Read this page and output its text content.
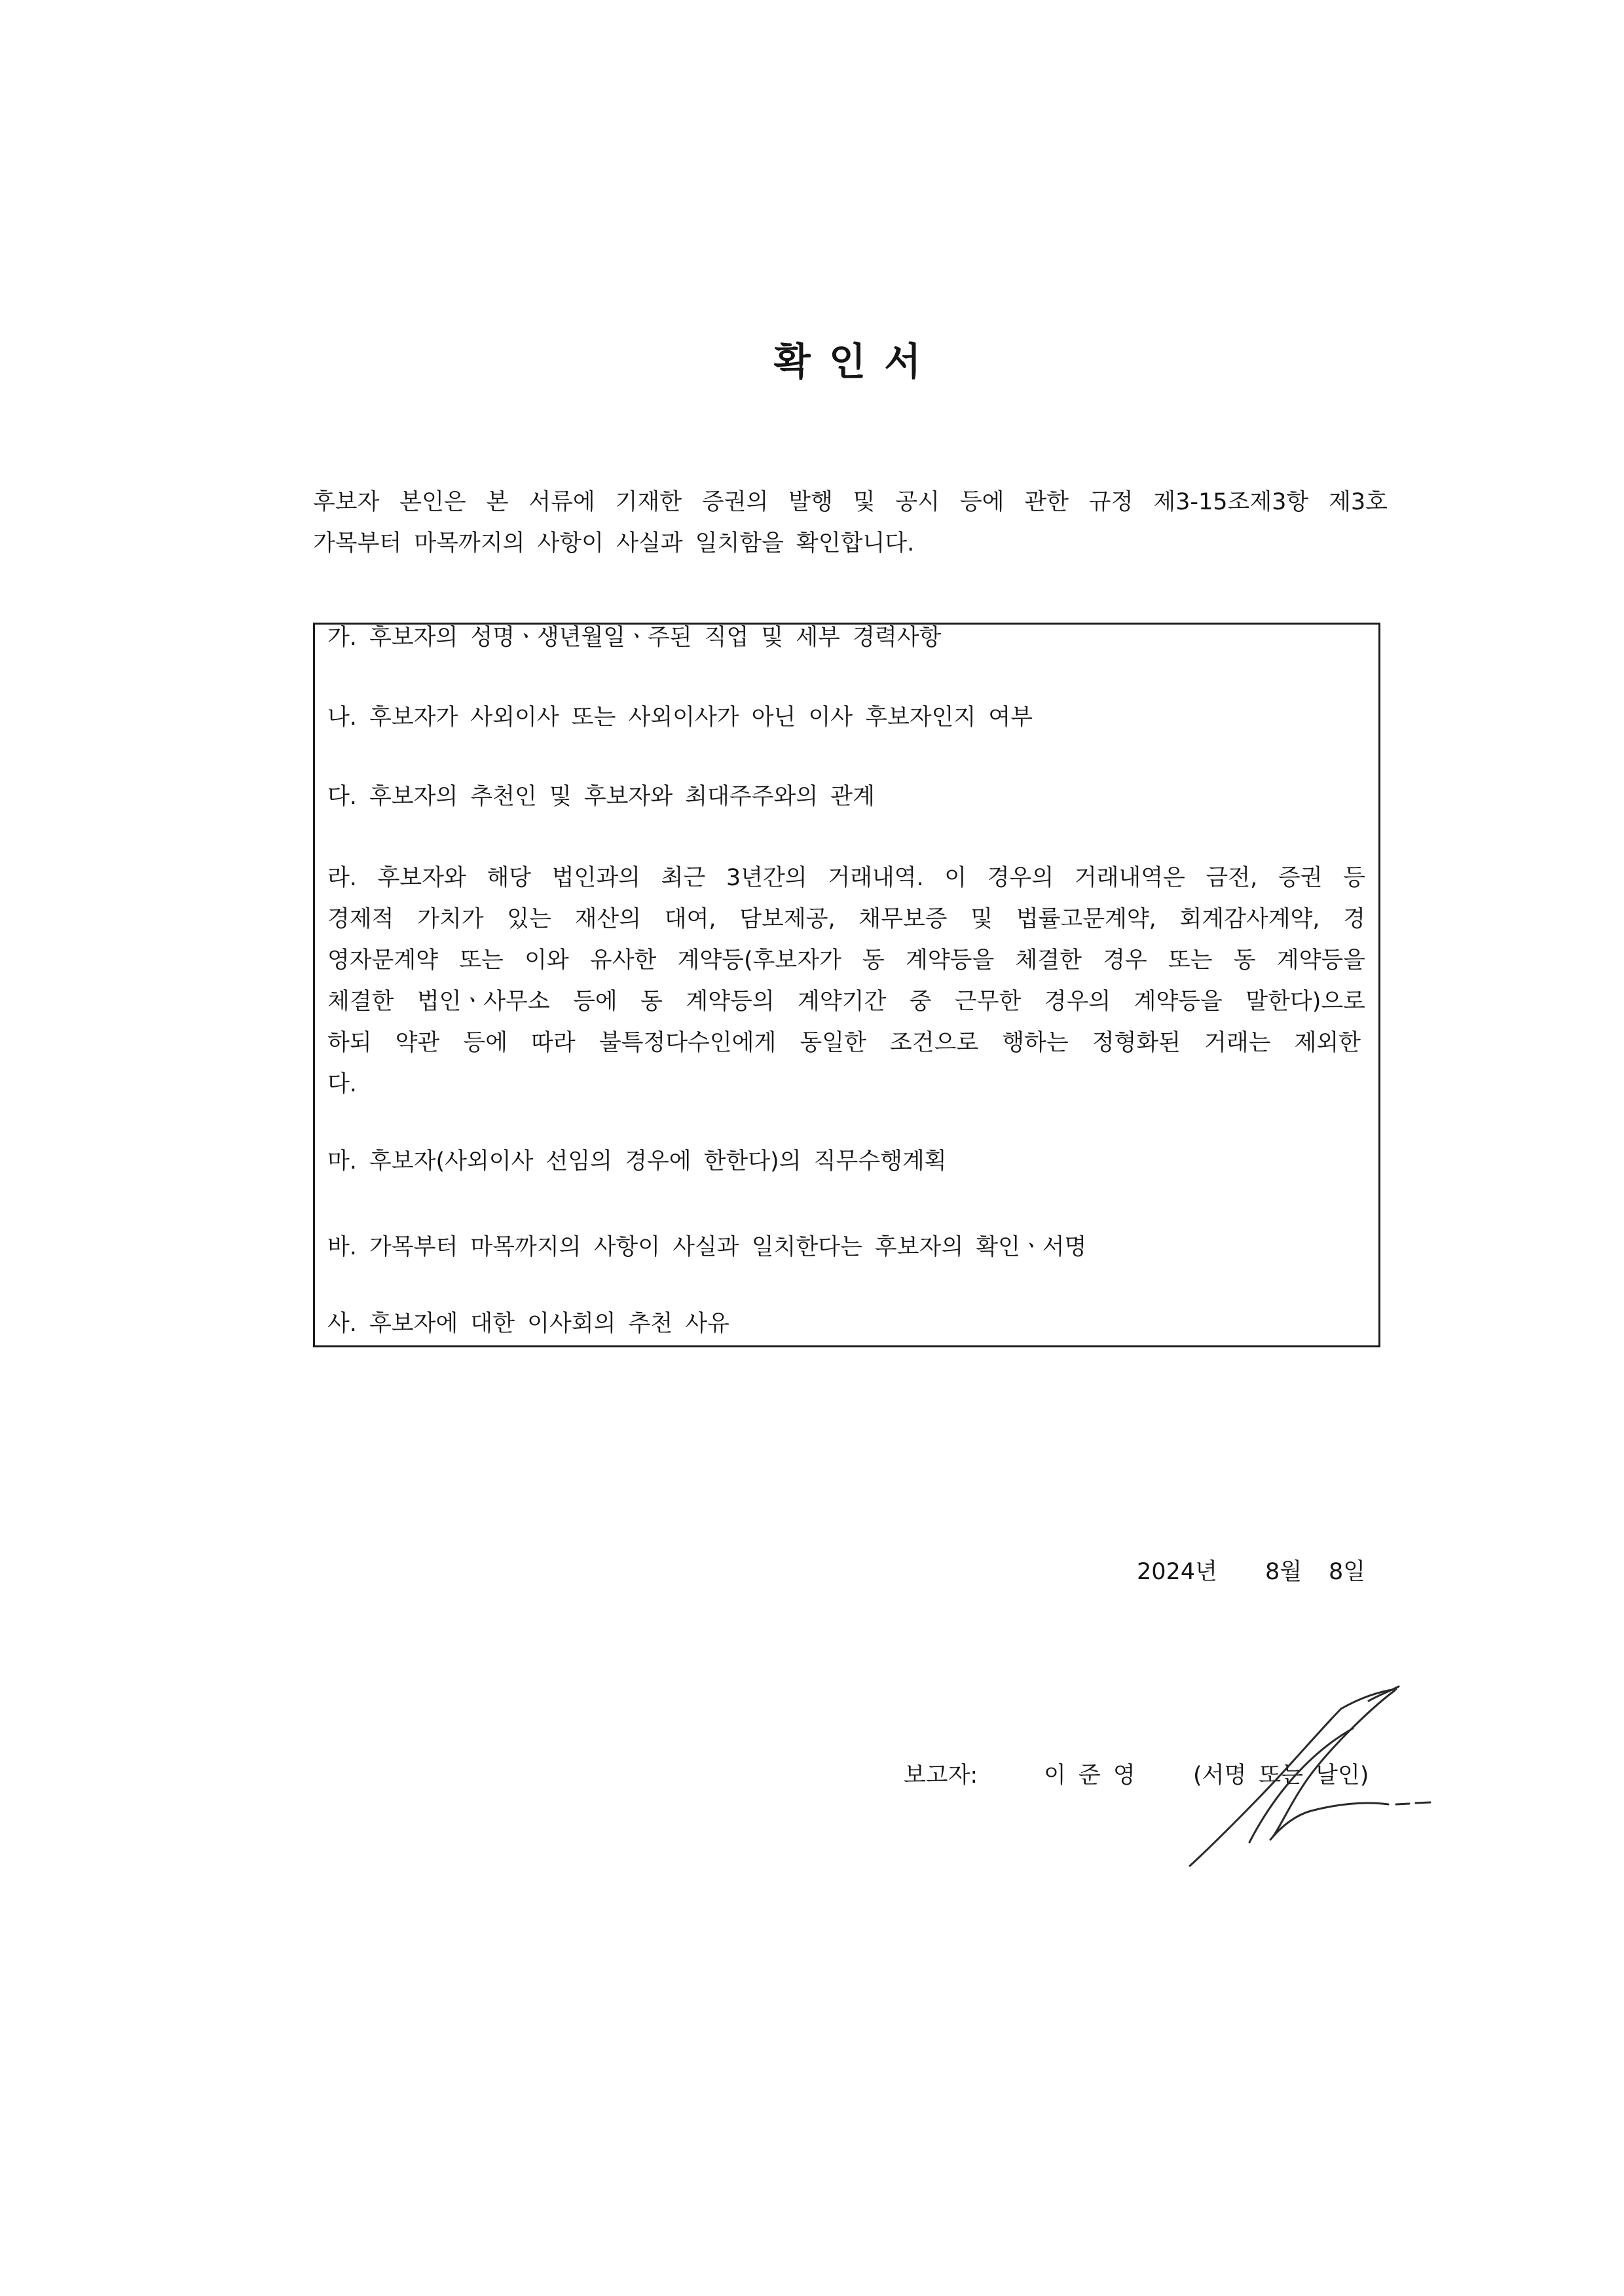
확 인 서
후보자 본인은 본 서류에 기재한 증권의 발행 및 공시 등에 관한 규정 제3-15조제3항 제3호
가목부터 마목까지의 사항이 사실과 일치함을 확인합니다.
가. 후보자의 성명ㆍ생년월일ㆍ주된 직업 및 세부 경력사항
나. 후보자가 사외이사 또는 사외이사가 아닌 이사 후보자인지 여부
다. 후보자의 추천인 및 후보자와 최대주주와의 관계
라. 후보자와 해당 법인과의 최근 3년간의 거래내역. 이 경우의 거래내역은 금전, 증권 등
경제적 가치가 있는 재산의 대여, 담보제공, 채무보증 및 법률고문계약, 회계감사계약, 경
영자문계약 또는 이와 유사한 계약등(후보자가 동 계약등을 체결한 경우 또는 동 계약등을
체결한 법인ㆍ사무소 등에 동 계약등의 계약기간 중 근무한 경우의 계약등을 말한다)으로
하되 약관 등에 따라 불특정다수인에게 동일한 조건으로 행하는 정형화된 거래는 제외한
다.
마. 후보자(사외이사 선임의 경우에 한한다)의 직무수행계획
바. 가목부터 마목까지의 사항이 사실과 일치한다는 후보자의 확인ㆍ서명
사. 후보자에 대한 이사회의 추천 사유
2024년 8월 8일
보고자:	이 준 영	(서명 또는 날인)
